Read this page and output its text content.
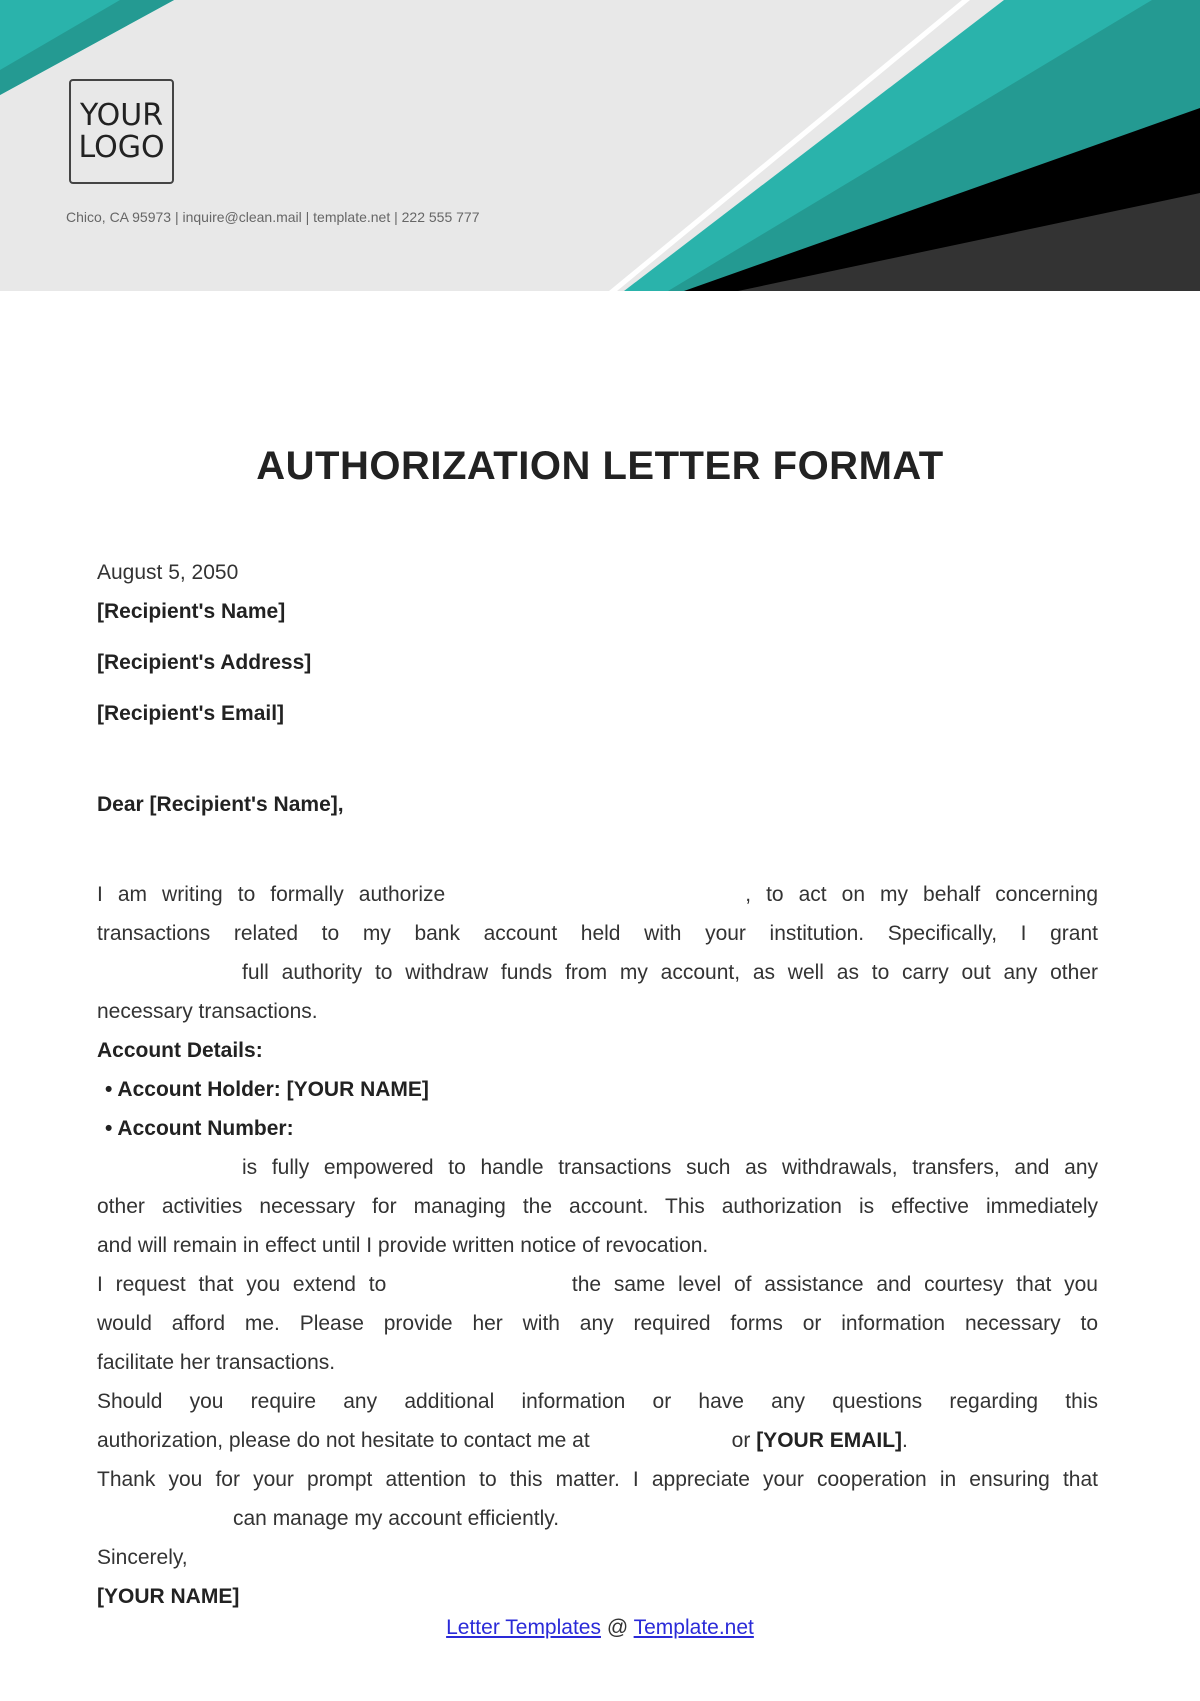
YOUR
LOGO
Chico, CA 95973 | inquire@clean.mail | template.net | 222 555 777
AUTHORIZATION LETTER FORMAT
August 5, 2050
[Recipient's Name]
[Recipient's Address]
[Recipient's Email]
Dear [Recipient's Name],
I am writing to formally authorize	, to act on my behalf concerning
transactions related to my bank account held with your institution. Specifically, I grant
full authority to withdraw funds from my account, as well as to carry out any other
necessary transactions.
Account Details:
• Account Holder: [YOUR NAME]
• Account Number:
is fully empowered to handle transactions such as withdrawals, transfers, and any
other activities necessary for managing the account. This authorization is effective immediately
and will remain in effect until I provide written notice of revocation.
I request that you extend to	the same level of assistance and courtesy that you
would afford me. Please provide her with any required forms or information necessary to
facilitate her transactions.
Should you require any additional information or have any questions regarding this
authorization, please do not hesitate to contact me at	or [YOUR EMAIL].
Thank you for your prompt attention to this matter. I appreciate your cooperation in ensuring that
can manage my account efficiently.
Sincerely,
[YOUR NAME]
Letter Templates @ Template.net
